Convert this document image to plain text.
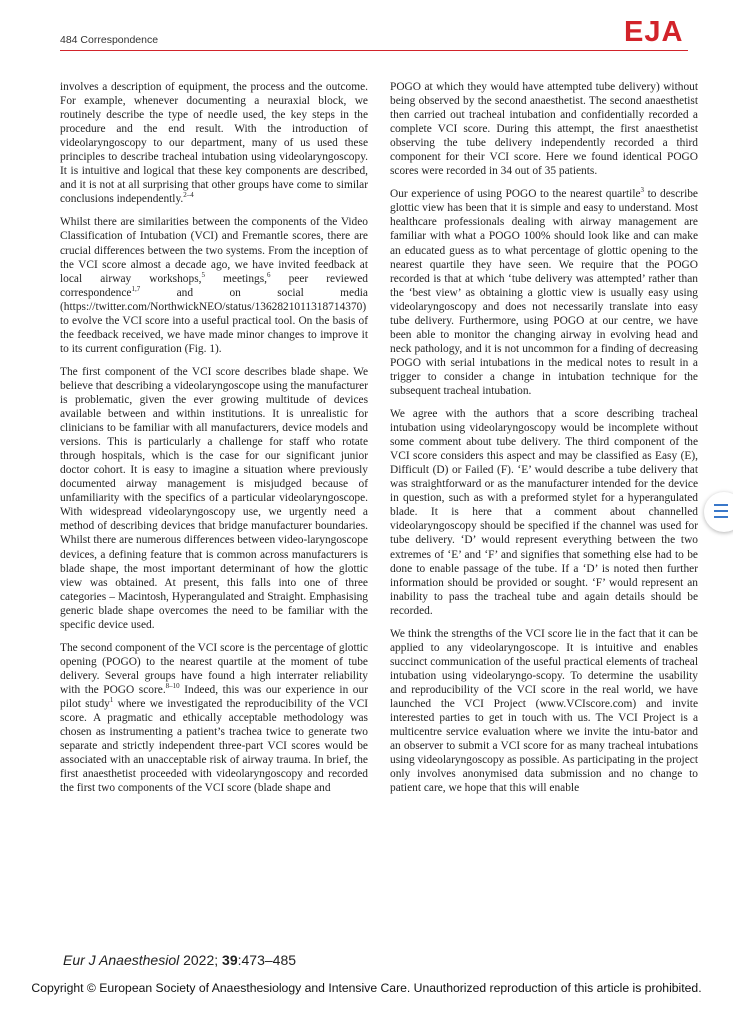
484 Correspondence	EJA

involves a description of equipment, the process and the outcome. For example, whenever documenting a neuraxial block, we routinely describe the type of needle used, the key steps in the procedure and the end result. With the introduction of videolaryngoscopy to our department, many of us used these principles to describe tracheal intubation using videolaryngoscopy. It is intuitive and logical that these key components are described, and it is not at all surprising that other groups have come to similar conclusions independently.$^{2-4}$

Whilst there are similarities between the components of the Video Classification of Intubation (VCI) and Fremantle scores, there are crucial differences between the two systems. From the inception of the VCI score almost a decade ago, we have invited feedback at local airway workshops,$^5$ meetings,$^6$ peer reviewed correspondence$^{1,7}$ and on social media (https://twitter.com/NorthwickNEO/status/1362821011318714370) to evolve the VCI score into a useful practical tool. On the basis of the feedback received, we have made minor changes to improve it to its current configuration (Fig. 1).

The first component of the VCI score describes blade shape. We believe that describing a videolaryngoscope using the manufacturer is problematic, given the ever growing multitude of devices available between and within institutions. It is unrealistic for clinicians to be familiar with all manufacturers, device models and versions. This is particularly a challenge for staff who rotate through hospitals, which is the case for our significant junior doctor cohort. It is easy to imagine a situation where previously documented airway management is misjudged because of unfamiliarity with the specifics of a particular videolaryngoscope. With widespread videolaryngoscopy use, we urgently need a method of describing devices that bridge manufacturer boundaries. Whilst there are numerous differences between video-laryngoscope devices, a defining feature that is common across manufacturers is blade shape, the most important determinant of how the glottic view was obtained. At present, this falls into one of three categories – Macintosh, Hyperangulated and Straight. Emphasising generic blade shape overcomes the need to be familiar with the specific device used.

The second component of the VCI score is the percentage of glottic opening (POGO) to the nearest quartile at the moment of tube delivery. Several groups have found a high interrater reliability with the POGO score.$^{8-10}$ Indeed, this was our experience in our pilot study$^1$ where we investigated the reproducibility of the VCI score. A pragmatic and ethically acceptable methodology was chosen as instrumenting a patient’s trachea twice to generate two separate and strictly independent three-part VCI scores would be associated with an unacceptable risk of airway trauma. In brief, the first anaesthetist proceeded with videolaryngoscopy and recorded the first two components of the VCI score (blade shape and

POGO at which they would have attempted tube delivery) without being observed by the second anaesthetist. The second anaesthetist then carried out tracheal intubation and confidentially recorded a complete VCI score. During this attempt, the first anaesthetist observing the tube delivery independently recorded a third component for their VCI score. Here we found identical POGO scores were recorded in 34 out of 35 patients.

Our experience of using POGO to the nearest quartile$^3$ to describe glottic view has been that it is simple and easy to understand. Most healthcare professionals dealing with airway management are familiar with what a POGO 100% should look like and can make an educated guess as to what percentage of glottic opening to the nearest quartile they have seen. We require that the POGO recorded is that at which ‘tube delivery was attempted’ rather than the ‘best view’ as obtaining a glottic view is usually easy using videolaryngoscopy and does not necessarily translate into easy tube delivery. Furthermore, using POGO at our centre, we have been able to monitor the changing airway in evolving head and neck pathology, and it is not uncommon for a finding of decreasing POGO with serial intubations in the medical notes to result in a trigger to consider a change in intubation technique for the subsequent tracheal intubation.

We agree with the authors that a score describing tracheal intubation using videolaryngoscopy would be incomplete without some comment about tube delivery. The third component of the VCI score considers this aspect and may be classified as Easy (E), Difficult (D) or Failed (F). ‘E’ would describe a tube delivery that was straightforward or as the manufacturer intended for the device in question, such as with a preformed stylet for a hyperangulated blade. It is here that a comment about channelled videolaryngoscopy should be specified if the channel was used for tube delivery. ‘D’ would represent everything between the two extremes of ‘E’ and ‘F’ and signifies that something else had to be done to enable passage of the tube. If a ‘D’ is noted then further information should be provided or sought. ‘F’ would represent an inability to pass the tracheal tube and again details should be recorded.

We think the strengths of the VCI score lie in the fact that it can be applied to any videolaryngoscope. It is intuitive and enables succinct communication of the useful practical elements of tracheal intubation using videolaryngo-scopy. To determine the usability and reproducibility of the VCI score in the real world, we have launched the VCI Project (www.VCIscore.com) and invite interested parties to get in touch with us. The VCI Project is a multicentre service evaluation where we invite the intu-bator and an observer to submit a VCI score for as many tracheal intubations using videolaryngoscopy as possible. As participating in the project only involves anonymised data submission and no change to patient care, we hope that this will enable

Eur J Anaesthesiol 2022; 39:473–485
Copyright © European Society of Anaesthesiology and Intensive Care. Unauthorized reproduction of this article is prohibited.
